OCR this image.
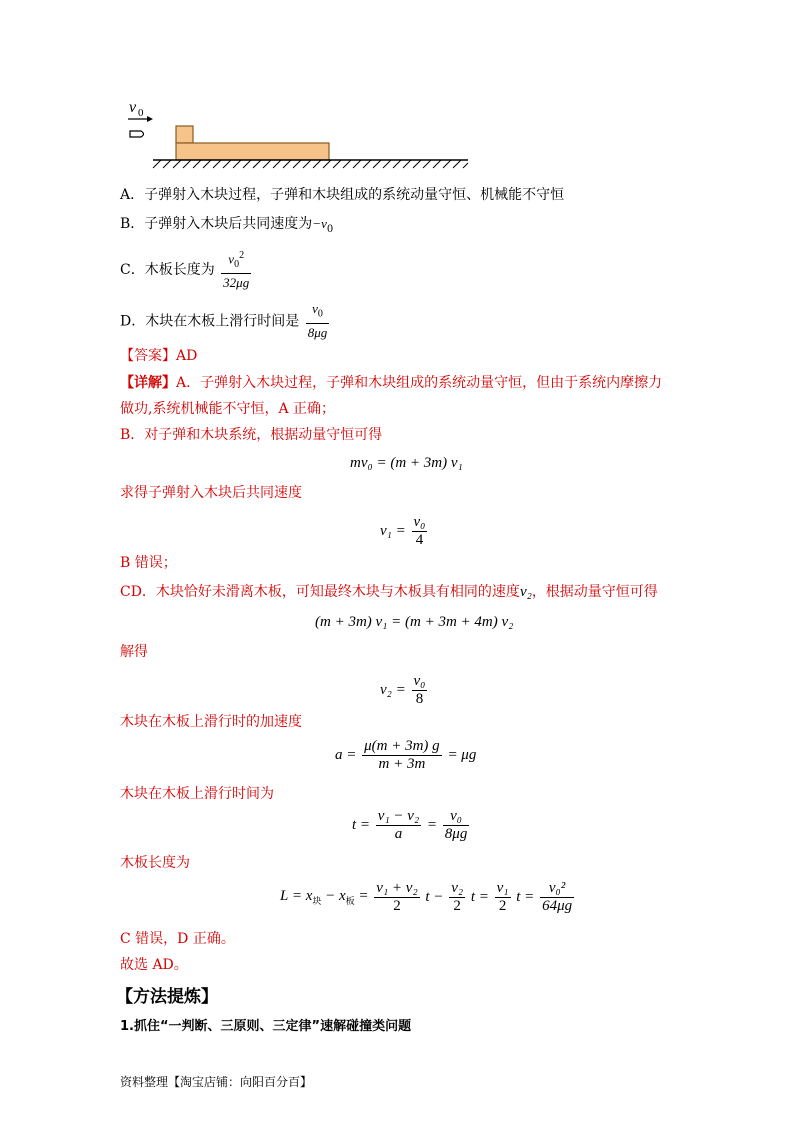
v 0
A．子弹射入木块过程，子弹和木块组成的系统动量守恒、机械能不守恒
B．子弹射入木块后共同速度为$-v_0$
C．木板长度为 $\frac{v_0^2}{32\mu g}$
D．木块在木板上滑行时间是 $\frac{v_0}{8\mu g}$
【答案】AD
【详解】A．子弹射入木块过程，子弹和木块组成的系统动量守恒，但由于系统内摩擦力
做功,系统机械能不守恒，A 正确；
B．对子弹和木块系统，根据动量守恒可得
mv₀ = (m + 3m) v₁
求得子弹射入木块后共同速度
$v_1 = \frac{\text{v₀}}{4}$
B 错误；
CD．木块恰好未滑离木板，可知最终木块与木板具有相同的速度v₂，根据动量守恒可得
(m + 3m) v₁ = (m + 3m + 4m) v₂
解得
$v_2 = \frac{\text{v₀}}{8}$
木块在木板上滑行时的加速度
$a = \frac{\mu(m + 3m) g}{m + 3m} = \mu g$
木块在木板上滑行时间为
$t = \frac{\text{v₁ − v₂}}{a} = \frac{\text{v₀}}{8\mu g}$
木板长度为
$L = x_块 - x_板 = \frac{\text{v₁ + v₂}}{2}$ $t - \frac{\text{v₂}}{2}$ $t = \frac{\text{v₁}}{2}$ $t = \frac{\text{v₀²}}{64\mu g}$
C 错误，D 正确。
故选 AD。
【方法提炼】
1.抓住“一判断、三原则、三定律”速解碰撞类问题
资料整理【淘宝店铺：向阳百分百】
